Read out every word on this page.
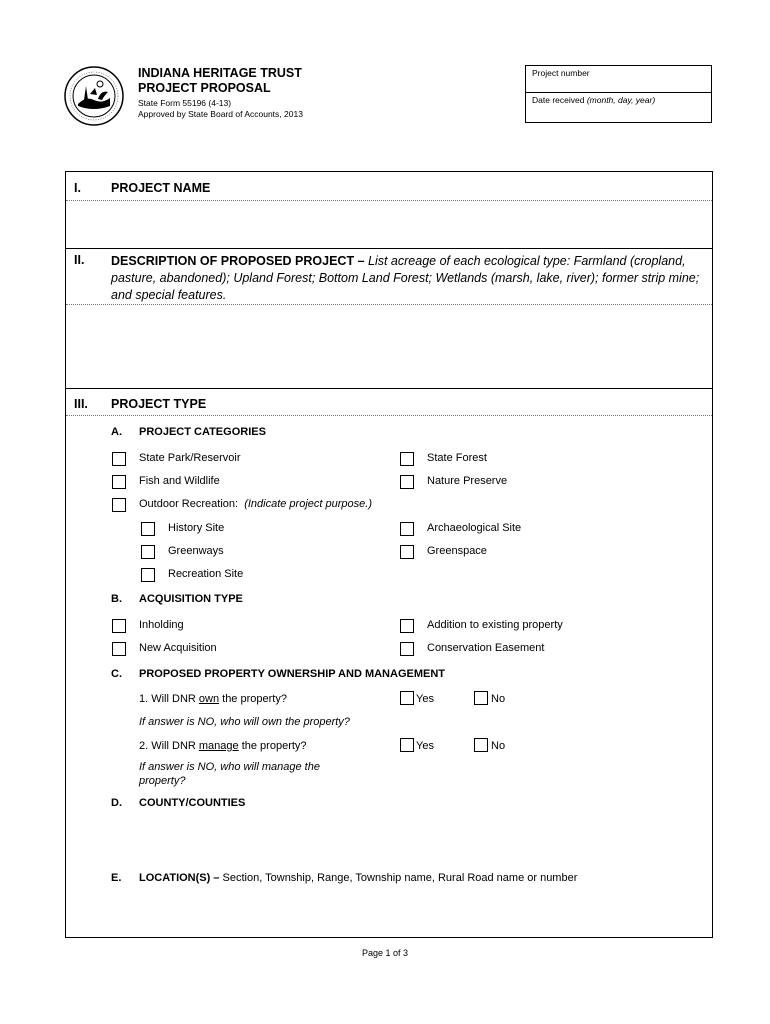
INDIANA HERITAGE TRUST
PROJECT PROPOSAL
State Form 55196 (4-13)
Approved by State Board of Accounts, 2013
Project number
Date received (month, day, year)
I. PROJECT NAME
II. DESCRIPTION OF PROPOSED PROJECT – List acreage of each ecological type: Farmland (cropland, pasture, abandoned); Upland Forest; Bottom Land Forest; Wetlands (marsh, lake, river); former strip mine; and special features.
III. PROJECT TYPE
A. PROJECT CATEGORIES
State Park/Reservoir	State Forest
Fish and Wildlife	Nature Preserve
Outdoor Recreation: (Indicate project purpose.)
History Site	Archaeological Site
Greenways	Greenspace
Recreation Site
B. ACQUISITION TYPE
Inholding	Addition to existing property
New Acquisition	Conservation Easement
C. PROPOSED PROPERTY OWNERSHIP AND MANAGEMENT
1. Will DNR own the property?	Yes	No
If answer is NO, who will own the property?
2. Will DNR manage the property?	Yes	No
If answer is NO, who will manage the property?
D. COUNTY/COUNTIES
E. LOCATION(S) – Section, Township, Range, Township name, Rural Road name or number
Page 1 of 3
